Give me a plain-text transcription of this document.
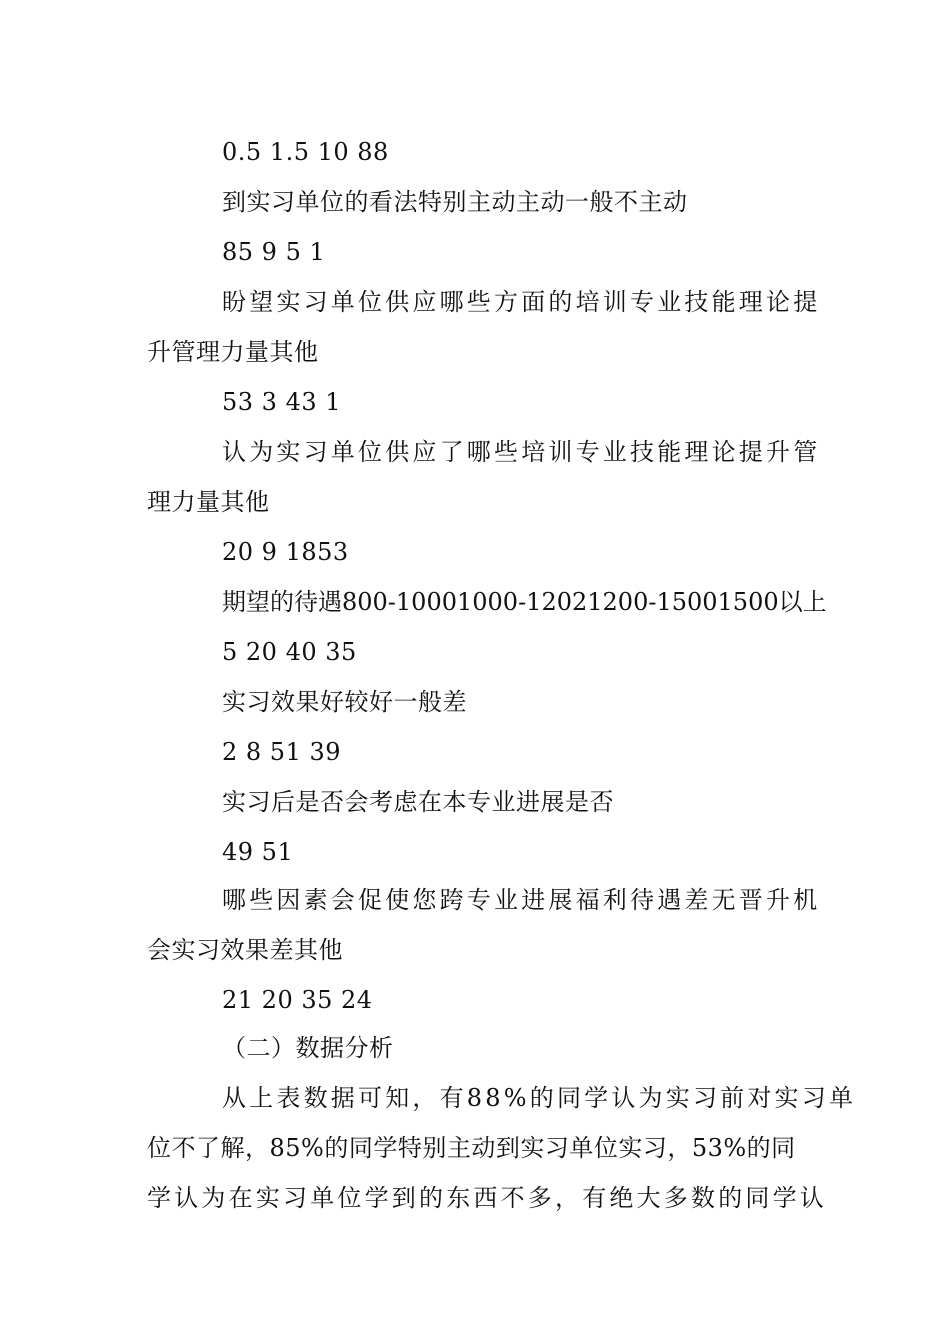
0.5 1.5 10 88
到实习单位的看法特别主动主动一般不主动
85 9 5 1
盼望实习单位供应哪些方面的培训专业技能理论提
升管理力量其他
53 3 43 1
认为实习单位供应了哪些培训专业技能理论提升管
理力量其他
20 9 1853
期望的待遇800-10001000-12021200-15001500以上
5 20 40 35
实习效果好较好一般差
2 8 51 39
实习后是否会考虑在本专业进展是否
49 51
哪些因素会促使您跨专业进展福利待遇差无晋升机
会实习效果差其他
21 20 35 24
（二）数据分析
从上表数据可知，有88%的同学认为实习前对实习单
位不了解，85%的同学特别主动到实习单位实习，53%的同
学认为在实习单位学到的东西不多，有绝大多数的同学认
